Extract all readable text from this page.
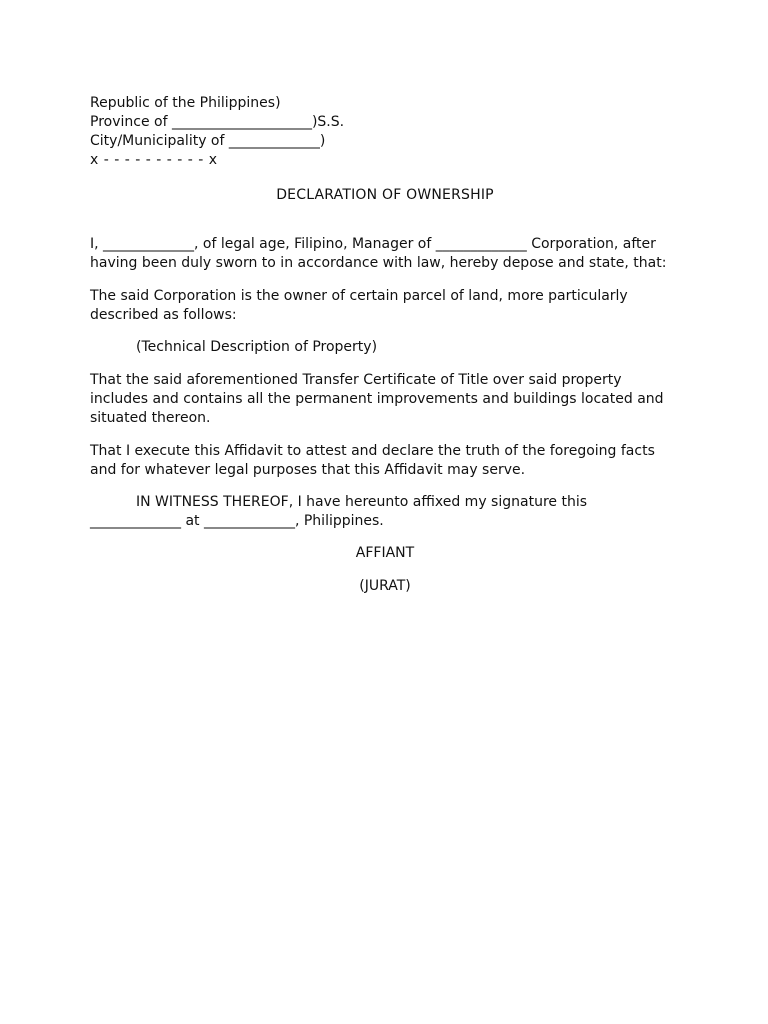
Republic of the Philippines)

Province of ____________________)S.S.

City/Municipality of _____________)

x - - - - - - - - - - x

DECLARATION OF OWNERSHIP

I, _____________, of legal age, Filipino, Manager of _____________ Corporation, after having been duly sworn to in accordance with law, hereby depose and state, that:

The said Corporation is the owner of certain parcel of land, more particularly described as follows:

(Technical Description of Property)

That the said aforementioned Transfer Certificate of Title over said property includes and contains all the permanent improvements and buildings located and situated thereon.

That I execute this Affidavit to attest and declare the truth of the foregoing facts and for whatever legal purposes that this Affidavit may serve.

IN WITNESS THEREOF, I have hereunto affixed my signature this _____________ at _____________, Philippines.

AFFIANT

(JURAT)
